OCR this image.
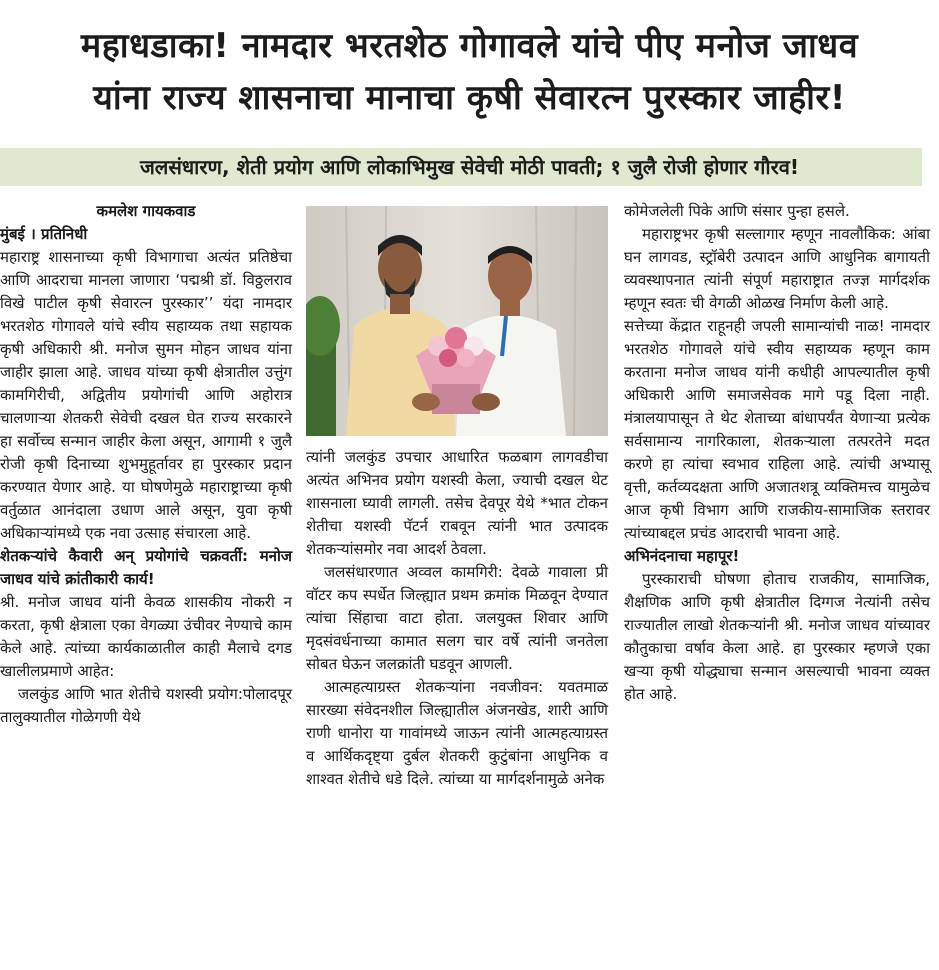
महाधडाका! नामदार भरतशेठ गोगावले यांचे पीए मनोज जाधव
यांना राज्य शासनाचा मानाचा कृषी सेवारत्न पुरस्कार जाहीर!
जलसंधारण, शेती प्रयोग आणि लोकाभिमुख सेवेची मोठी पावती; १ जुलै रोजी होणार गौरव!

कमलेश गायकवाड

मुंबई । प्रतिनिधी

महाराष्ट्र शासनाच्या कृषी विभागाचा अत्यंत प्रतिष्ठेचा आणि आदराचा मानला जाणारा ‘पद्मश्री डॉ. विठ्ठलराव विखे पाटील कृषी सेवारत्न पुरस्कार’’ यंदा नामदार भरतशेठ गोगावले यांचे स्वीय सहाय्यक तथा सहायक कृषी अधिकारी श्री. मनोज सुमन मोहन जाधव यांना जाहीर झाला आहे. जाधव यांच्या कृषी क्षेत्रातील उत्तुंग कामगिरीची, अद्वितीय प्रयोगांची आणि अहोरात्र चालणाऱ्या शेतकरी सेवेची दखल घेत राज्य सरकारने हा सर्वोच्च सन्मान जाहीर केला असून, आगामी १ जुलै रोजी कृषी दिनाच्या शुभमुहूर्तावर हा पुरस्कार प्रदान करण्यात येणार आहे. या घोषणेमुळे महाराष्ट्राच्या कृषी वर्तुळात आनंदाला उधाण आले असून, युवा कृषी अधिकाऱ्यांमध्ये एक नवा उत्साह संचारला आहे.

शेतकऱ्यांचे कैवारी अन् प्रयोगांचे चक्रवर्ती: मनोज जाधव यांचे क्रांतीकारी कार्य!

श्री. मनोज जाधव यांनी केवळ शासकीय नोकरी न करता, कृषी क्षेत्राला एका वेगळ्या उंचीवर नेण्याचे काम केले आहे. त्यांच्या कार्यकाळातील काही मैलाचे दगड खालीलप्रमाणे आहेत:

जलकुंड आणि भात शेतीचे यशस्वी प्रयोग:पोलादपूर तालुक्यातील गोळेगणी येथे

त्यांनी जलकुंड उपचार आधारित फळबाग लागवडीचा अत्यंत अभिनव प्रयोग यशस्वी केला, ज्याची दखल थेट शासनाला घ्यावी लागली. तसेच देवपूर येथे *भात टोकन शेतीचा यशस्वी पॅटर्न राबवून त्यांनी भात उत्पादक शेतकऱ्यांसमोर नवा आदर्श ठेवला.

जलसंधारणात अव्वल कामगिरी: देवळे गावाला प्री वॉटर कप स्पर्धेत जिल्ह्यात प्रथम क्रमांक मिळवून देण्यात त्यांचा सिंहाचा वाटा होता. जलयुक्त शिवार आणि मृदसंवर्धनाच्या कामात सलग चार वर्षे त्यांनी जनतेला सोबत घेऊन जलक्रांती घडवून आणली.

आत्महत्याग्रस्त शेतकऱ्यांना नवजीवन: यवतमाळ सारख्या संवेदनशील जिल्ह्यातील अंजनखेड, शारी आणि राणी धानोरा या गावांमध्ये जाऊन त्यांनी आत्महत्याग्रस्त व आर्थिकदृष्ट्या दुर्बल शेतकरी कुटुंबांना आधुनिक व शाश्वत शेतीचे धडे दिले. त्यांच्या या मार्गदर्शनामुळे अनेक

कोमेजलेली पिके आणि संसार पुन्हा हसले.

महाराष्ट्रभर कृषी सल्लागार म्हणून नावलौकिक: आंबा घन लागवड, स्ट्रॉबेरी उत्पादन आणि आधुनिक बागायती व्यवस्थापनात त्यांनी संपूर्ण महाराष्ट्रात तज्ज्ञ मार्गदर्शक म्हणून स्वतः ची वेगळी ओळख निर्माण केली आहे.

सत्तेच्या केंद्रात राहूनही जपली सामान्यांची नाळ! नामदार भरतशेठ गोगावले यांचे स्वीय सहाय्यक म्हणून काम करताना मनोज जाधव यांनी कधीही आपल्यातील कृषी अधिकारी आणि समाजसेवक मागे पडू दिला नाही. मंत्रालयापासून ते थेट शेताच्या बांधापर्यंत येणाऱ्या प्रत्येक सर्वसामान्य नागरिकाला, शेतकऱ्याला तत्परतेने मदत करणे हा त्यांचा स्वभाव राहिला आहे. त्यांची अभ्यासू वृत्ती, कर्तव्यदक्षता आणि अजातशत्रू व्यक्तिमत्त्व यामुळेच आज कृषी विभाग आणि राजकीय-सामाजिक स्तरावर त्यांच्याबद्दल प्रचंड आदराची भावना आहे.

अभिनंदनाचा महापूर!

पुरस्काराची घोषणा होताच राजकीय, सामाजिक, शैक्षणिक आणि कृषी क्षेत्रातील दिग्गज नेत्यांनी तसेच राज्यातील लाखो शेतकऱ्यांनी श्री. मनोज जाधव यांच्यावर कौतुकाचा वर्षाव केला आहे. हा पुरस्कार म्हणजे एका खऱ्या कृषी योद्ध्याचा सन्मान असल्याची भावना व्यक्त होत आहे.
